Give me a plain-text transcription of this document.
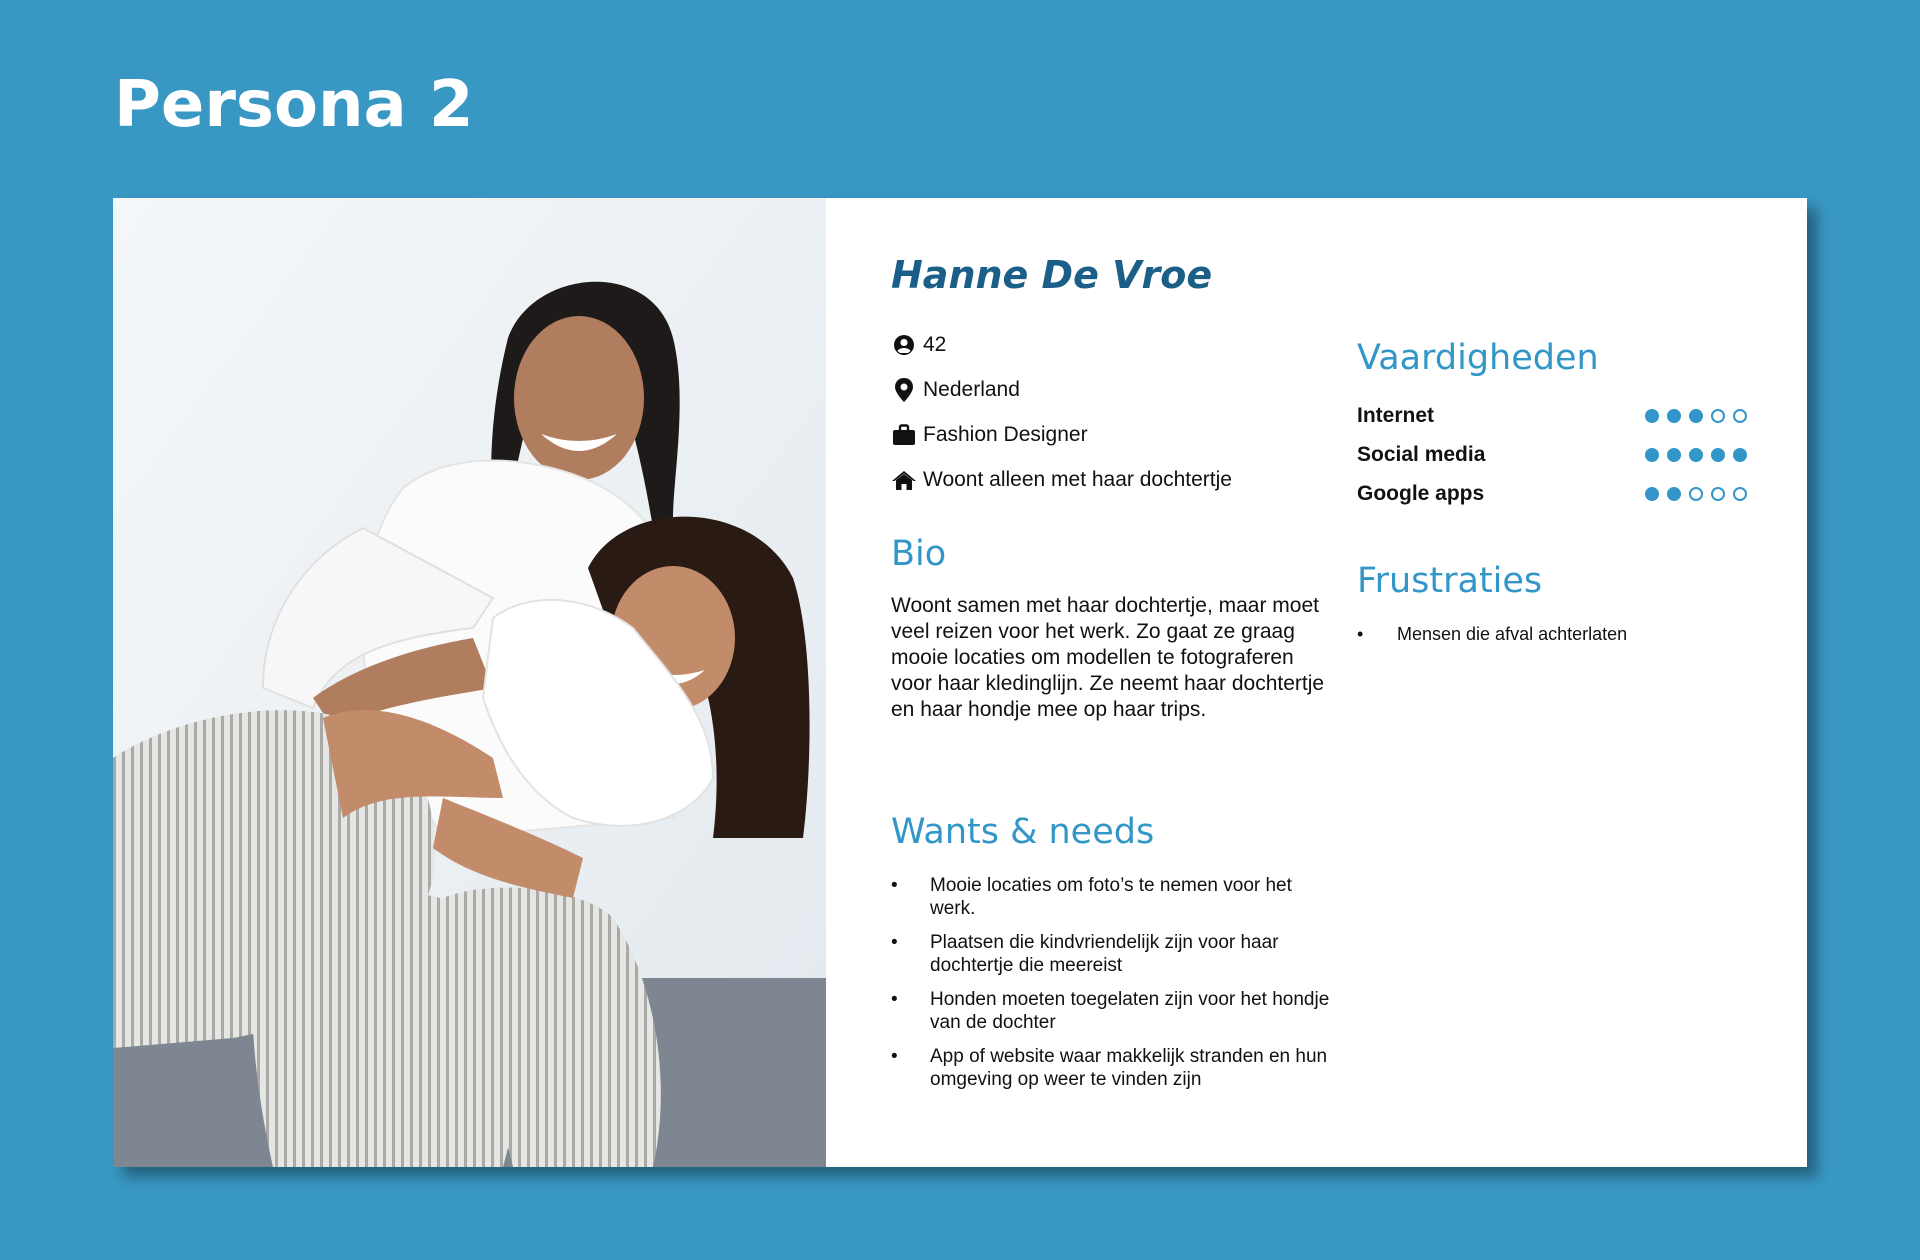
Persona 2
Hanne De Vroe
42
Nederland
Fashion Designer
Woont alleen met haar dochtertje
Bio

Woont samen met haar dochtertje, maar moet veel reizen voor het werk. Zo gaat ze graag mooie locaties om modellen te fotograferen voor haar kledinglijn. Ze neemt haar dochtertje en haar hondje mee op haar trips.

Wants & needs
• Mooie locaties om foto’s te nemen voor het werk.
• Plaatsen die kindvriendelijk zijn voor haar dochtertje die meereist
• Honden moeten toegelaten zijn voor het hondje van de dochter
• App of website waar makkelijk stranden en hun omgeving op weer te vinden zijn
Vaardigheden
Internet
Social media
Google apps
Frustraties
• Mensen die afval achterlaten
